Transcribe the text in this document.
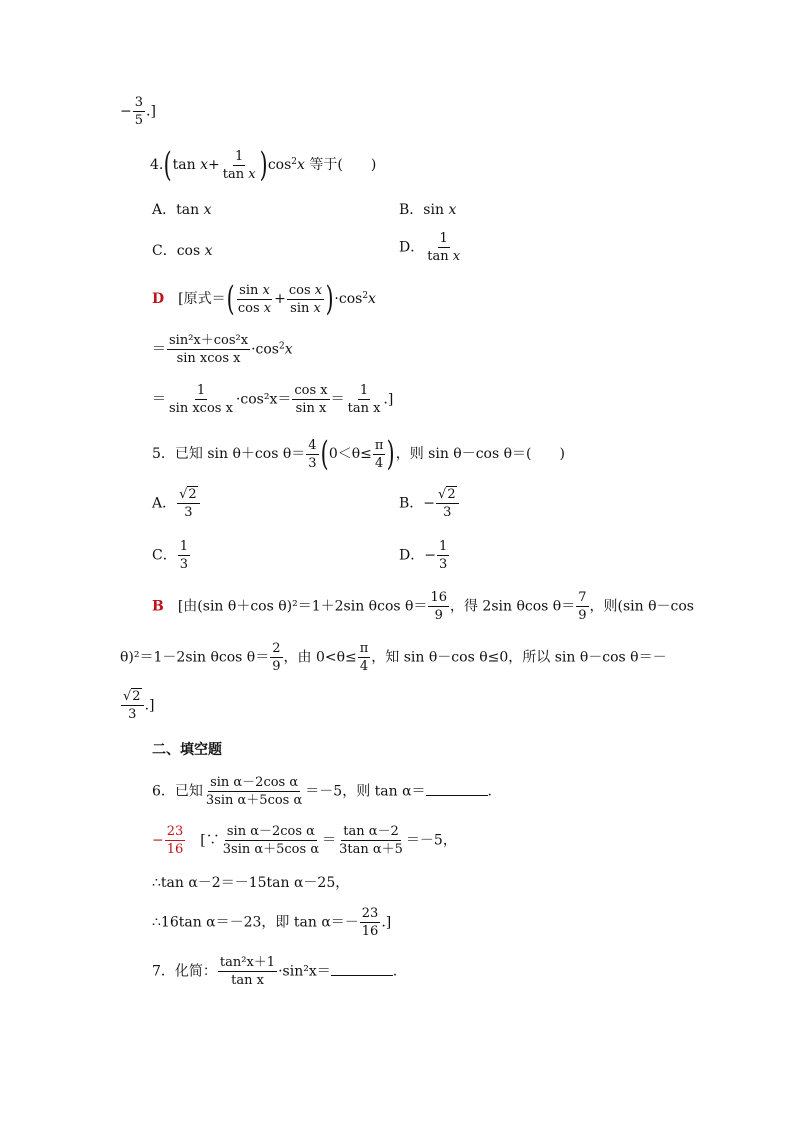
− $\frac{3}{5}$ .]
4.(tan $x+ \frac{1}{\text{tan x}} )\cos^2x$ 等于(　　)
A．tan x	B．sin x
C．cos x	D． $\frac{1}{\text{tan x}}$
D　 [原式＝( $\frac{\text{sin x}}{\text{cos x}} + \frac{\text{cos x}}{\text{sin x}} )\cdot\cos^2x$
＝ $\frac{\text{sin²x＋cos²x}}{\text{sin xcos x}} \cdot\cos^2x$
＝ $\frac{1}{\text{sin xcos x}} \cdot\cos^2x= \frac{\text{cos x}}{\text{sin x}} = \frac{1}{\text{tan x}}$ .]
5．已知 sin θ＋cos $\theta= \frac{4}{3} (0<\theta\le \frac{\pi}{4}$ )，则 sin θ－cos θ＝(　　)
A． $\frac{√2}{3}$	B．− $\frac{√2}{3}$
C． $\frac{1}{3}$	D．− $\frac{1}{3}$
B　 [由(sin θ＋cos θ)²＝1＋2sin θcos $\theta= \frac{16}{9}$ ，得 2sin θcos $\theta= \frac{7}{9}$ ，则(sin θ－cos
θ)²＝1－2sin θcos $\theta= \frac{2}{9}$ ，由 $0<\theta\le \frac{\pi}{4}$ ，知 sin θ－cos θ≤0，所以 sin θ－cos θ＝－
$\frac{√2}{3}$ .]
二、填空题
6．已知 $\frac{\text{sin α－2cos α}}{\text{3sin α＋5cos α}} =-5$，则 tan α＝	.
− $\frac{23}{16}$
　 [∵ $\frac{\text{sin α－2cos α}}{\text{3sin α＋5cos α}} = \frac{\text{tan α－2}}{\text{3tan α＋5}} =-5$，
∴tan α－2＝－15tan α－25，
∴16tan α＝－23，即 $\tan \alpha=- \frac{23}{16}$ .]
7．化简： $\frac{\text{tan²x＋1}}{\text{tan x}} \cdot\sin^2x=$	.
